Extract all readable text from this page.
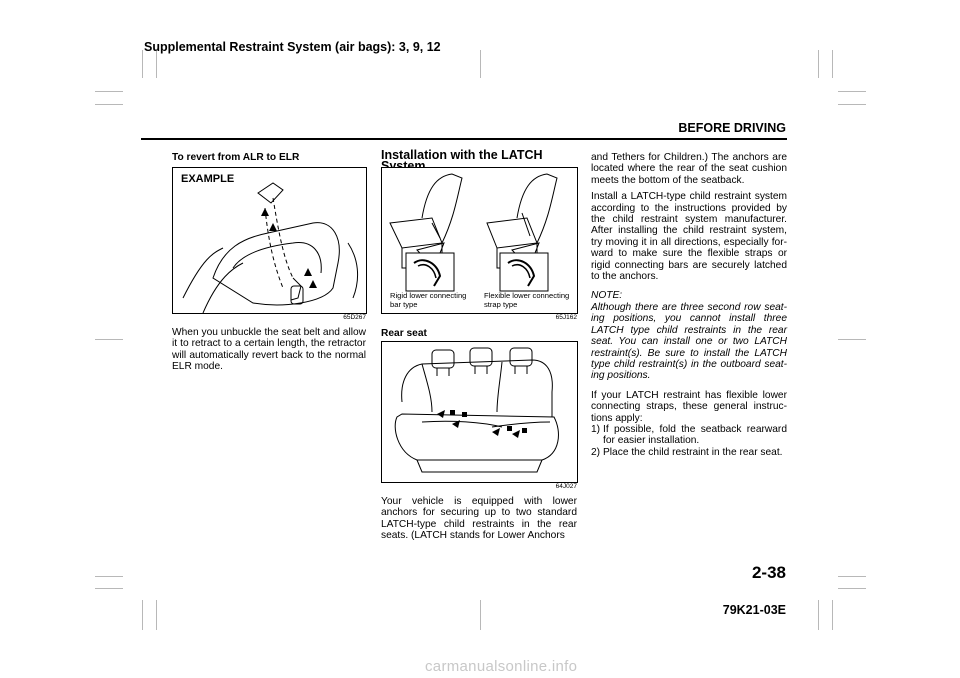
Supplemental Restraint System (air bags): 3, 9, 12
BEFORE DRIVING
To revert from ALR to ELR
EXAMPLE
65D267
When you unbuckle the seat belt and allow it to retract to a certain length, the retractor will automatically revert back to the normal ELR mode.
Installation with the LATCH
Rigid lower connecting bar type
Flexible lower connecting strap type
65J162
Rear seat
64J027
Your vehicle is equipped with lower anchors for securing up to two standard LATCH-type child restraints in the rear seats. (LATCH stands for Lower Anchors
and Tethers for Children.) The anchors are located where the rear of the seat cushion meets the bottom of the seatback.
Install a LATCH-type child restraint system according to the instructions provided by the child restraint system manufacturer. After installing the child restraint system, try moving it in all directions, especially for-ward to make sure the flexible straps or rigid connecting bars are securely latched to the anchors.
NOTE:
Although there are three second row seat-ing positions, you cannot install three LATCH type child restraints in the rear seat. You can install one or two LATCH restraint(s). Be sure to install the LATCH type child restraint(s) in the outboard seat-ing positions.
If your LATCH restraint has flexible lower connecting straps, these general instruc-tions apply:
1) If possible, fold the seatback rearward for easier installation.
2) Place the child restraint in the rear seat.
2-38
79K21-03E
carmanualsonline.info
